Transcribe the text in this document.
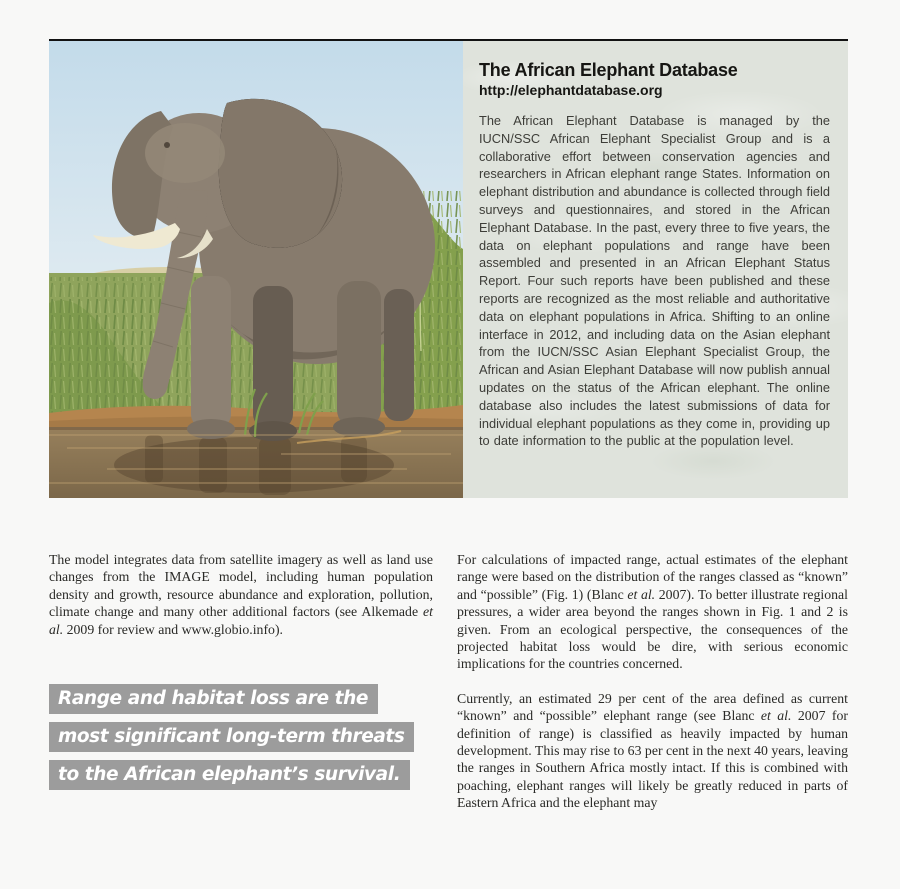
The African Elephant Database
http://elephantdatabase.org

The African Elephant Database is managed by the IUCN/SSC African Elephant Specialist Group and is a collaborative effort between conservation agencies and researchers in African elephant range States. Information on elephant distribution and abundance is collected through field surveys and questionnaires, and stored in the African Elephant Database. In the past, every three to five years, the data on elephant populations and range have been assembled and presented in an African Elephant Status Report. Four such reports have been published and these reports are recognized as the most reliable and authoritative data on elephant populations in Africa. Shifting to an online interface in 2012, and including data on the Asian elephant from the IUCN/SSC Asian Elephant Specialist Group, the African and Asian Elephant Database will now publish annual updates on the status of the African elephant. The online database also includes the latest submissions of data for individual elephant populations as they come in, providing up to date information to the public at the population level.

The model integrates data from satellite imagery as well as land use changes from the IMAGE model, including human population density and growth, resource abundance and exploration, pollution, climate change and many other additional factors (see Alkemade et al. 2009 for review and www.globio.info).

Range and habitat loss are the
most significant long-term threats
to the African elephant’s survival.

For calculations of impacted range, actual estimates of the elephant range were based on the distribution of the ranges classed as “known” and “possible” (Fig. 1) (Blanc et al. 2007). To better illustrate regional pressures, a wider area beyond the ranges shown in Fig. 1 and 2 is given. From an ecological perspective, the consequences of the projected habitat loss would be dire, with serious economic implications for the countries concerned.

Currently, an estimated 29 per cent of the area defined as current “known” and “possible” elephant range (see Blanc et al. 2007 for definition of range) is classified as heavily impacted by human development. This may rise to 63 per cent in the next 40 years, leaving the ranges in Southern Africa mostly intact. If this is combined with poaching, elephant ranges will likely be greatly reduced in parts of Eastern Africa and the elephant may
